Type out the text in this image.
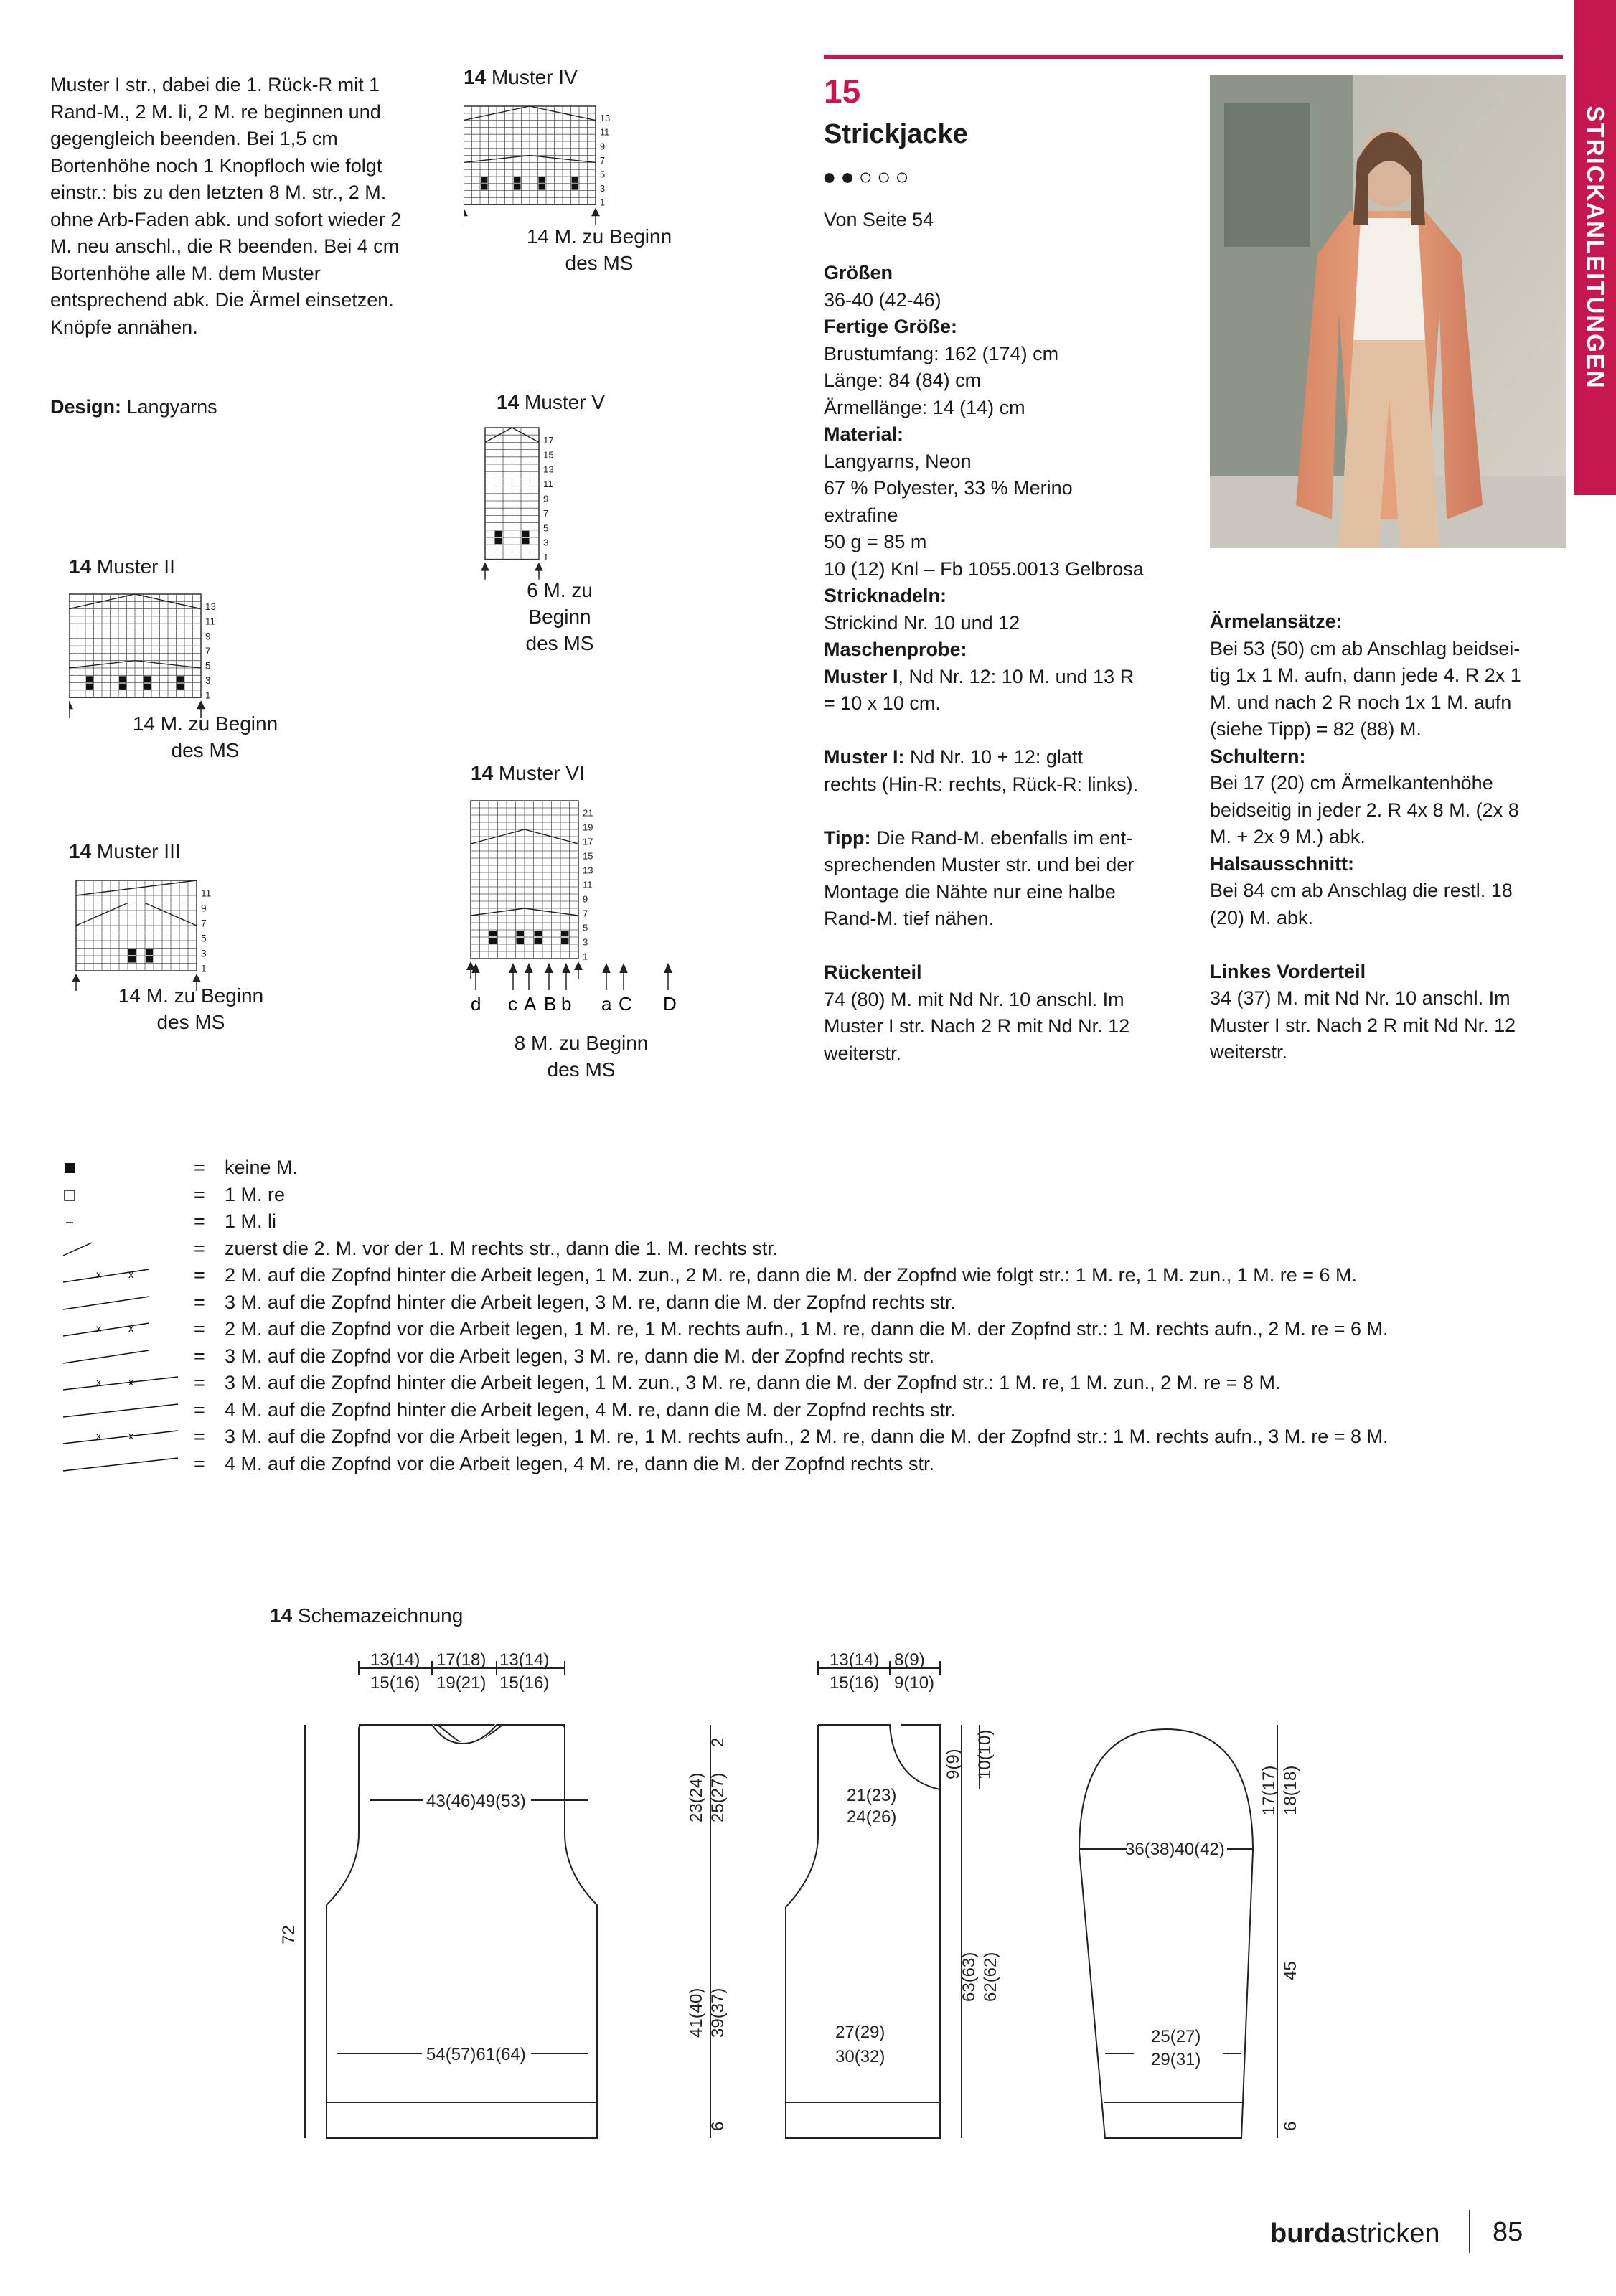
STRICKANLEITUNGEN

Muster I str., dabei die 1. Rück-R mit 1 Rand-M., 2 M. li, 2 M. re beginnen und gegengleich beenden. Bei 1,5 cm Bortenhöhe noch 1 Knopfloch wie folgt einstr.: bis zu den letzten 8 M. str., 2 M. ohne Arb-Faden abk. und sofort wieder 2 M. neu anschl., die R beenden. Bei 4 cm Bortenhöhe alle M. dem Muster entsprechend abk. Die Ärmel einsetzen. Knöpfe annähen.

Design: Langyarns
14 Muster II
1
3
5
7
9
11
13
14 M. zu Beginn
des MS
14 Muster III
1
3
5
7
9
11
14 M. zu Beginn
des MS
14 Muster IV
1
3
5
7
9
11
13
14 M. zu Beginn
des MS
14 Muster V
1
3
5
7
9
11
13
15
17
6 M. zu
Beginn
des MS
14 Muster VI
1
3
5
7
9
11
13
15
17
19
21
d c A B b a C D
8 M. zu Beginn
des MS
15
Strickjacke
●●○○○
Von Seite 54

Größen

36-40 (42-46)

Fertige Größe:

Brustumfang: 162 (174) cm

Länge: 84 (84) cm

Ärmellänge: 14 (14) cm

Material:

Langyarns, Neon

67 % Polyester, 33 % Merino

extrafine

50 g = 85 m

10 (12) Knl – Fb 1055.0013 Gelbrosa

Stricknadeln:

Strickind Nr. 10 und 12

Maschenprobe:

Muster I, Nd Nr. 12: 10 M. und 13 R

= 10 x 10 cm.

Muster I: Nd Nr. 10 + 12: glatt

rechts (Hin-R: rechts, Rück-R: links).

Tipp: Die Rand-M. ebenfalls im ent-

sprechenden Muster str. und bei der

Montage die Nähte nur eine halbe

Rand-M. tief nähen.

Rückenteil

74 (80) M. mit Nd Nr. 10 anschl. Im

Muster I str. Nach 2 R mit Nd Nr. 12

weiterstr.

Ärmelansätze:

Bei 53 (50) cm ab Anschlag beidsei-

tig 1x 1 M. aufn, dann jede 4. R 2x 1

M. und nach 2 R noch 1x 1 M. aufn

(siehe Tipp) = 82 (88) M.

Schultern:

Bei 17 (20) cm Ärmelkantenhöhe

beidseitig in jeder 2. R 4x 8 M. (2x 8

M. + 2x 9 M.) abk.

Halsausschnitt:

Bei 84 cm ab Anschlag die restl. 18

(20) M. abk.

Linkes Vorderteil

34 (37) M. mit Nd Nr. 10 anschl. Im

Muster I str. Nach 2 R mit Nd Nr. 12

weiterstr.

= keine M.
= 1 M. re
= 1 M. li
= zuerst die 2. M. vor der 1. M rechts str., dann die 1. M. rechts str.
x	x	= 2 M. auf die Zopfnd hinter die Arbeit legen, 1 M. zun., 2 M. re, dann die M. der Zopfnd wie folgt str.: 1 M. re, 1 M. zun., 1 M. re = 6 M.
= 3 M. auf die Zopfnd hinter die Arbeit legen, 3 M. re, dann die M. der Zopfnd rechts str.
x	x	= 2 M. auf die Zopfnd vor die Arbeit legen, 1 M. re, 1 M. rechts aufn., 1 M. re, dann die M. der Zopfnd str.: 1 M. rechts aufn., 2 M. re = 6 M.
= 3 M. auf die Zopfnd vor die Arbeit legen, 3 M. re, dann die M. der Zopfnd rechts str.
x	x	= 3 M. auf die Zopfnd hinter die Arbeit legen, 1 M. zun., 3 M. re, dann die M. der Zopfnd str.: 1 M. re, 1 M. zun., 2 M. re = 8 M.
= 4 M. auf die Zopfnd hinter die Arbeit legen, 4 M. re, dann die M. der Zopfnd rechts str.
x	x	= 3 M. auf die Zopfnd vor die Arbeit legen, 1 M. re, 1 M. rechts aufn., 2 M. re, dann die M. der Zopfnd str.: 1 M. rechts aufn., 3 M. re = 8 M.
= 4 M. auf die Zopfnd vor die Arbeit legen, 4 M. re, dann die M. der Zopfnd rechts str.
14 Schemazeichnung
13(14)
15(16)
17(18)
19(21)
13(14)
15(16)
43(46)49(53)
54(57)61(64)
72
13(14)
15(16)
8(9)
9(10)
21(23)
24(26)
27(29)
30(32)
23(24) 25(27)
2
41(40) 39(37)
6
9(9) 10(10)
63(63) 62(62)
36(38)40(42)
25(27)
29(31)
17(17) 18(18)
45
6
burdastricken 85
